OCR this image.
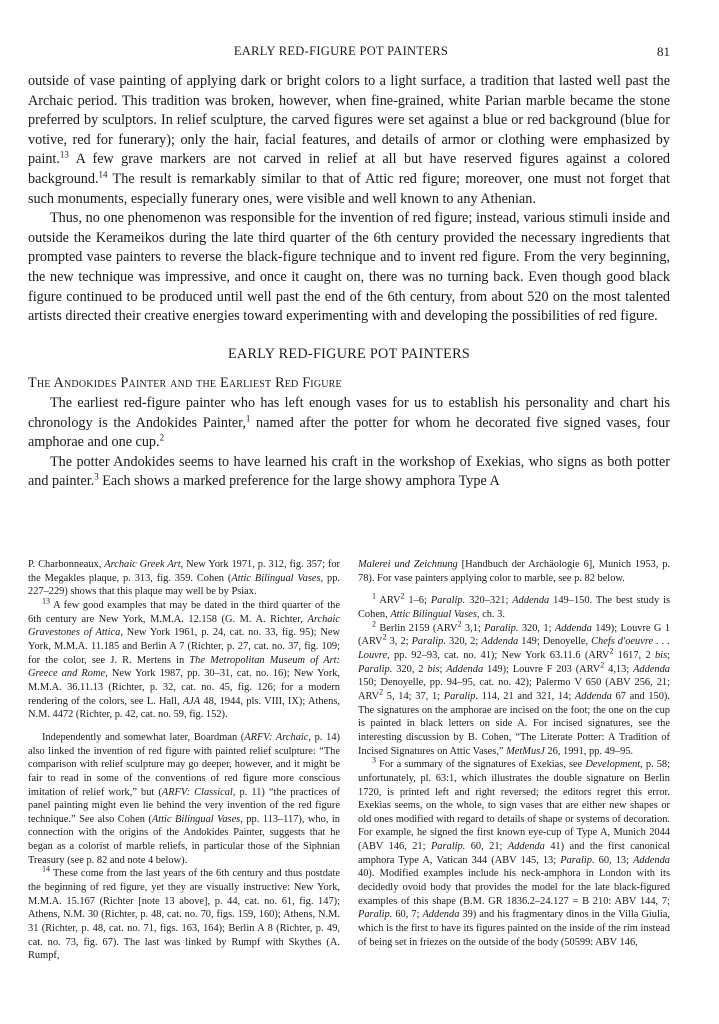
EARLY RED-FIGURE POT PAINTERS	81

outside of vase painting of applying dark or bright colors to a light surface, a tradition that lasted well past the Archaic period. This tradition was broken, however, when fine-grained, white Parian marble became the stone preferred by sculptors. In relief sculpture, the carved figures were set against a blue or red background (blue for votive, red for funerary); only the hair, facial features, and details of armor or clothing were emphasized by paint.$^{13}$ A few grave markers are not carved in relief at all but have reserved figures against a colored background.$^{14}$ The result is remarkably similar to that of Attic red figure; moreover, one must not forget that such monuments, especially funerary ones, were visible and well known to any Athenian.

Thus, no one phenomenon was responsible for the invention of red figure; instead, various stimuli inside and outside the Kerameikos during the late third quarter of the 6th century provided the necessary ingredients that prompted vase painters to reverse the black-figure technique and to invent red figure. From the very beginning, the new technique was impressive, and once it caught on, there was no turning back. Even though good black figure continued to be produced until well past the end of the 6th century, from about 520 on the most talented artists directed their creative energies toward experimenting with and developing the possibilities of red figure.

EARLY RED-FIGURE POT PAINTERS

The Andokides Painter and the Earliest Red Figure

The earliest red-figure painter who has left enough vases for us to establish his personality and chart his chronology is the Andokides Painter,$^1$ named after the potter for whom he decorated five signed vases, four amphorae and one cup.$^2$

The potter Andokides seems to have learned his craft in the workshop of Exekias, who signs as both potter and painter.$^3$ Each shows a marked preference for the large showy amphora Type A

P. Charbonneaux, Archaic Greek Art, New York 1971, p. 312, fig. 357; for the Megakles plaque, p. 313, fig. 359. Cohen (Attic Bilingual Vases, pp. 227–229) shows that this plaque may well be by Psiax.

$^{13}$ A few good examples that may be dated in the third quarter of the 6th century are New York, M.M.A. 12.158 (G. M. A. Richter, Archaic Gravestones of Attica, New York 1961, p. 24, cat. no. 33, fig. 95); New York, M.M.A. 11.185 and Berlin A 7 (Richter, p. 27, cat. no. 37, fig. 109; for the color, see J. R. Mertens in The Metropolitan Museum of Art: Greece and Rome, New York 1987, pp. 30–31, cat. no. 16); New York, M.M.A. 36.11.13 (Richter, p. 32, cat. no. 45, fig. 126; for a modern rendering of the colors, see L. Hall, AJA 48, 1944, pls. VIII, IX); Athens, N.M. 4472 (Richter, p. 42, cat. no. 59, fig. 152).

Independently and somewhat later, Boardman (ARFV: Archaic, p. 14) also linked the invention of red figure with painted relief sculpture: “The comparison with relief sculpture may go deeper, however, and it might be fair to read in some of the conventions of red figure more conscious imitation of relief work,” but (ARFV: Classical, p. 11) “the practices of panel painting might even lie behind the very invention of the red figure technique.” See also Cohen (Attic Bilingual Vases, pp. 113–117), who, in connection with the origins of the Andokides Painter, suggests that he began as a colorist of marble reliefs, in particular those of the Siphnian Treasury (see p. 82 and note 4 below).

$^{14}$ These come from the last years of the 6th century and thus postdate the beginning of red figure, yet they are visually instructive: New York, M.M.A. 15.167 (Richter [note 13 above], p. 44, cat. no. 61, fig. 147); Athens, N.M. 30 (Richter, p. 48, cat. no. 70, figs. 159, 160); Athens, N.M. 31 (Richter, p. 48, cat. no. 71, figs. 163, 164); Berlin A 8 (Richter, p. 49, cat. no. 73, fig. 67). The last was linked by Rumpf with Skythes (A. Rumpf,

Malerei und Zeichnung [Handbuch der Archäologie 6], Munich 1953, p. 78). For vase painters applying color to marble, see p. 82 below.

$^1$ ARV$^2$ 1–6; Paralip. 320–321; Addenda 149–150. The best study is Cohen, Attic Bilingual Vases, ch. 3.

$^2$ Berlin 2159 (ARV$^2$ 3,1; Paralip. 320, 1; Addenda 149); Louvre G 1 (ARV$^2$ 3, 2; Paralip. 320, 2; Addenda 149; Denoyelle, Chefs d'oeuvre . . . Louvre, pp. 92–93, cat. no. 41); New York 63.11.6 (ARV$^2$ 1617, 2 bis; Paralip. 320, 2 bis; Addenda 149); Louvre F 203 (ARV$^2$ 4,13; Addenda 150; Denoyelle, pp. 94–95, cat. no. 42); Palermo V 650 (ABV 256, 21; ARV$^2$ 5, 14; 37, 1; Paralip. 114, 21 and 321, 14; Addenda 67 and 150). The signatures on the amphorae are incised on the foot; the one on the cup is painted in black letters on side A. For incised signatures, see the interesting discussion by B. Cohen, “The Literate Potter: A Tradition of Incised Signatures on Attic Vases,” MetMusJ 26, 1991, pp. 49–95.

$^3$ For a summary of the signatures of Exekias, see Development, p. 58; unfortunately, pl. 63:1, which illustrates the double signature on Berlin 1720, is printed left and right reversed; the editors regret this error. Exekias seems, on the whole, to sign vases that are either new shapes or old ones modified with regard to details of shape or systems of decoration. For example, he signed the first known eye-cup of Type A, Munich 2044 (ABV 146, 21; Paralip. 60, 21; Addenda 41) and the first canonical amphora Type A, Vatican 344 (ABV 145, 13; Paralip. 60, 13; Addenda 40). Modified examples include his neck-amphora in London with its decidedly ovoid body that provides the model for the late black-figured examples of this shape (B.M. GR 1836.2–24.127 = B 210: ABV 144, 7; Paralip. 60, 7; Addenda 39) and his fragmentary dinos in the Villa Giulia, which is the first to have its figures painted on the inside of the rim instead of being set in friezes on the outside of the body (50599: ABV 146,
